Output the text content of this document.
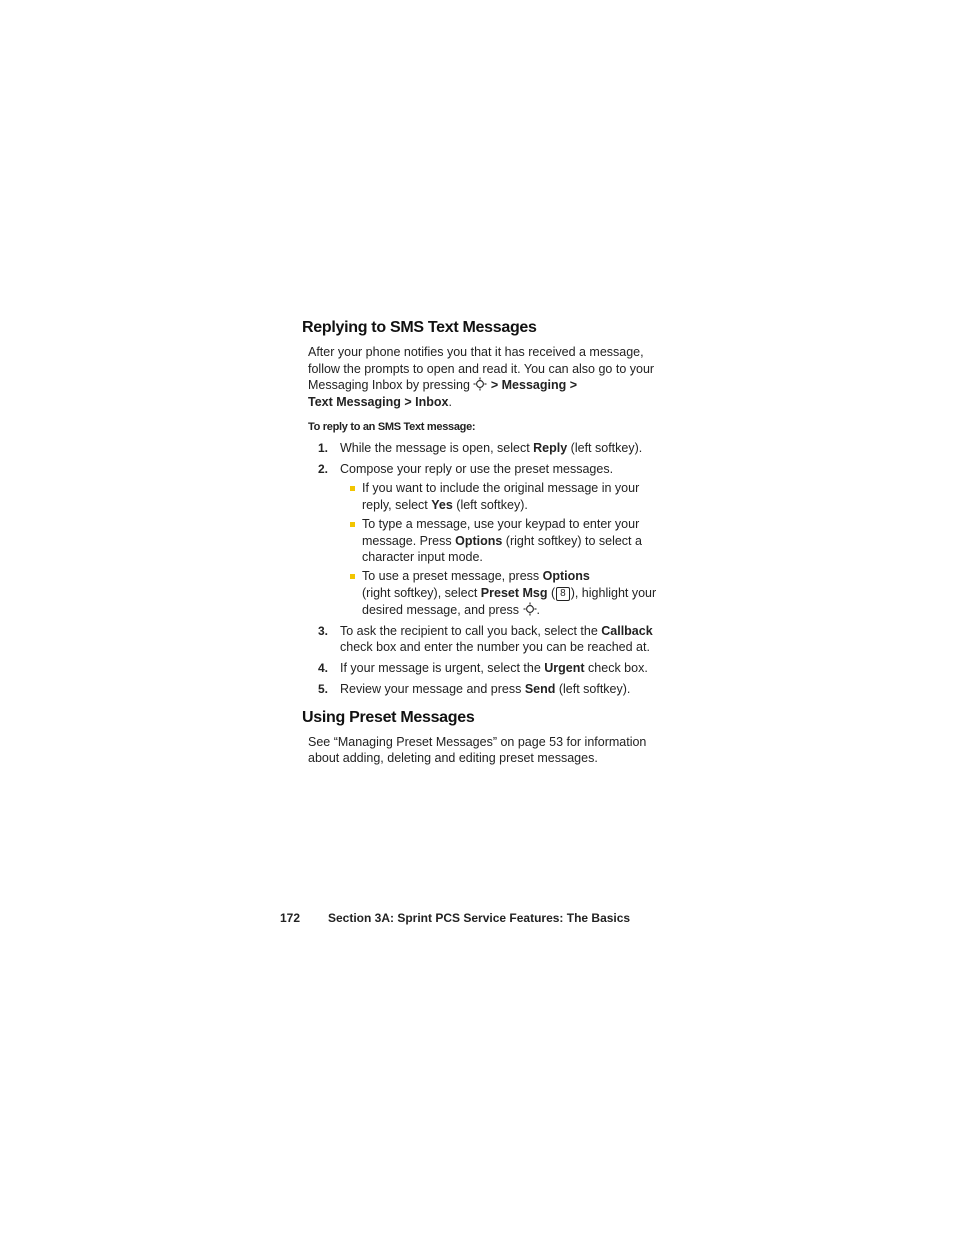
Replying to SMS Text Messages

After your phone notifies you that it has received a message, follow the prompts to open and read it. You can also go to your Messaging Inbox by pressing  > Messaging >
Text Messaging > Inbox.

To reply to an SMS Text message:
1. While the message is open, select Reply (left softkey).
2. Compose your reply or use the preset messages.
If you want to include the original message in your reply, select Yes (left softkey).
To type a message, use your keypad to enter your message. Press Options (right softkey) to select a character input mode.
To use a preset message, press Options
(right softkey), select Preset Msg ( 8 ), highlight your desired message, and press .
3. To ask the recipient to call you back, select the Callback check box and enter the number you can be reached at.
4. If your message is urgent, select the Urgent check box.
5. Review your message and press Send (left softkey).
Using Preset Messages

See “Managing Preset Messages” on page 53 for information about adding, deleting and editing preset messages.

172 Section 3A: Sprint PCS Service Features: The Basics
